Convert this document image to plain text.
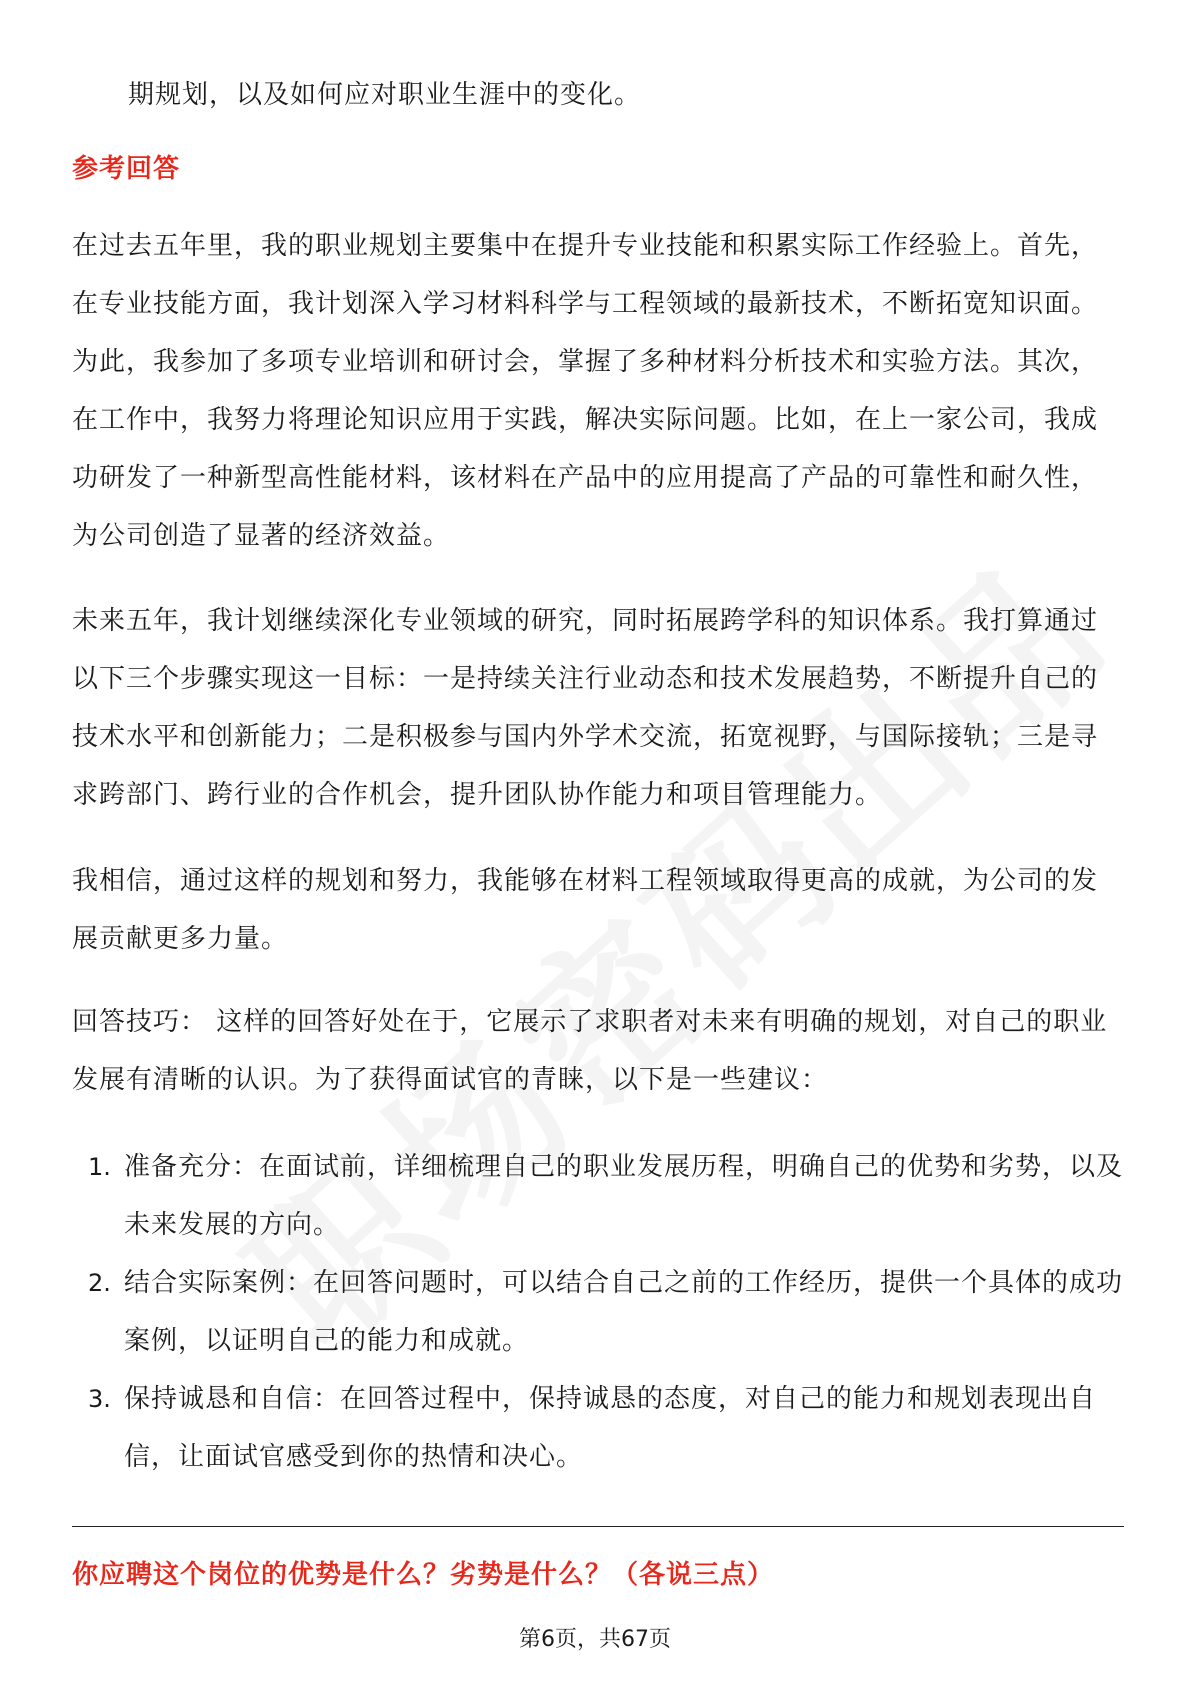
期规划，以及如何应对职业生涯中的变化。

参考回答

在过去五年里，我的职业规划主要集中在提升专业技能和积累实际工作经验上。首先，在专业技能方面，我计划深入学习材料科学与工程领域的最新技术，不断拓宽知识面。为此，我参加了多项专业培训和研讨会，掌握了多种材料分析技术和实验方法。其次，在工作中，我努力将理论知识应用于实践，解决实际问题。比如，在上一家公司，我成功研发了一种新型高性能材料，该材料在产品中的应用提高了产品的可靠性和耐久性，为公司创造了显著的经济效益。

未来五年，我计划继续深化专业领域的研究，同时拓展跨学科的知识体系。我打算通过以下三个步骤实现这一目标：一是持续关注行业动态和技术发展趋势，不断提升自己的技术水平和创新能力；二是积极参与国内外学术交流，拓宽视野，与国际接轨；三是寻求跨部门、跨行业的合作机会，提升团队协作能力和项目管理能力。

我相信，通过这样的规划和努力，我能够在材料工程领域取得更高的成就，为公司的发展贡献更多力量。

回答技巧： 这样的回答好处在于，它展示了求职者对未来有明确的规划，对自己的职业发展有清晰的认识。为了获得面试官的青睐，以下是一些建议：

1. 准备充分：在面试前，详细梳理自己的职业发展历程，明确自己的优势和劣势，以及未来发展的方向。

2. 结合实际案例：在回答问题时，可以结合自己之前的工作经历，提供一个具体的成功案例，以证明自己的能力和成就。

3. 保持诚恳和自信：在回答过程中，保持诚恳的态度，对自己的能力和规划表现出自信，让面试官感受到你的热情和决心。

你应聘这个岗位的优势是什么？劣势是什么？（各说三点）
第6页，共67页
